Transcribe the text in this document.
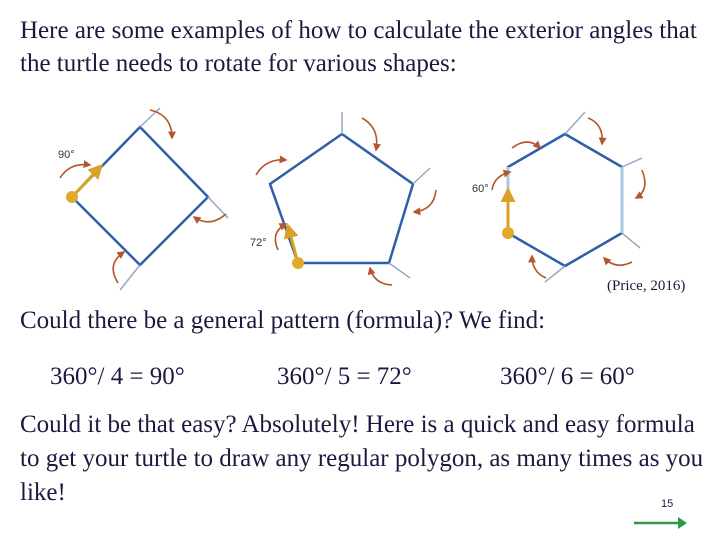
Here are some examples of how to calculate the exterior angles that the turtle needs to rotate for various shapes:
90°
72°
60°
(Price, 2016)
Could there be a general pattern (formula)? We find:
360°/ 4 = 90°	360°/ 5 = 72°	360°/ 6 = 60°
Could it be that easy? Absolutely! Here is a quick and easy formula to get your turtle to draw any regular polygon, as many times as you like!	15
